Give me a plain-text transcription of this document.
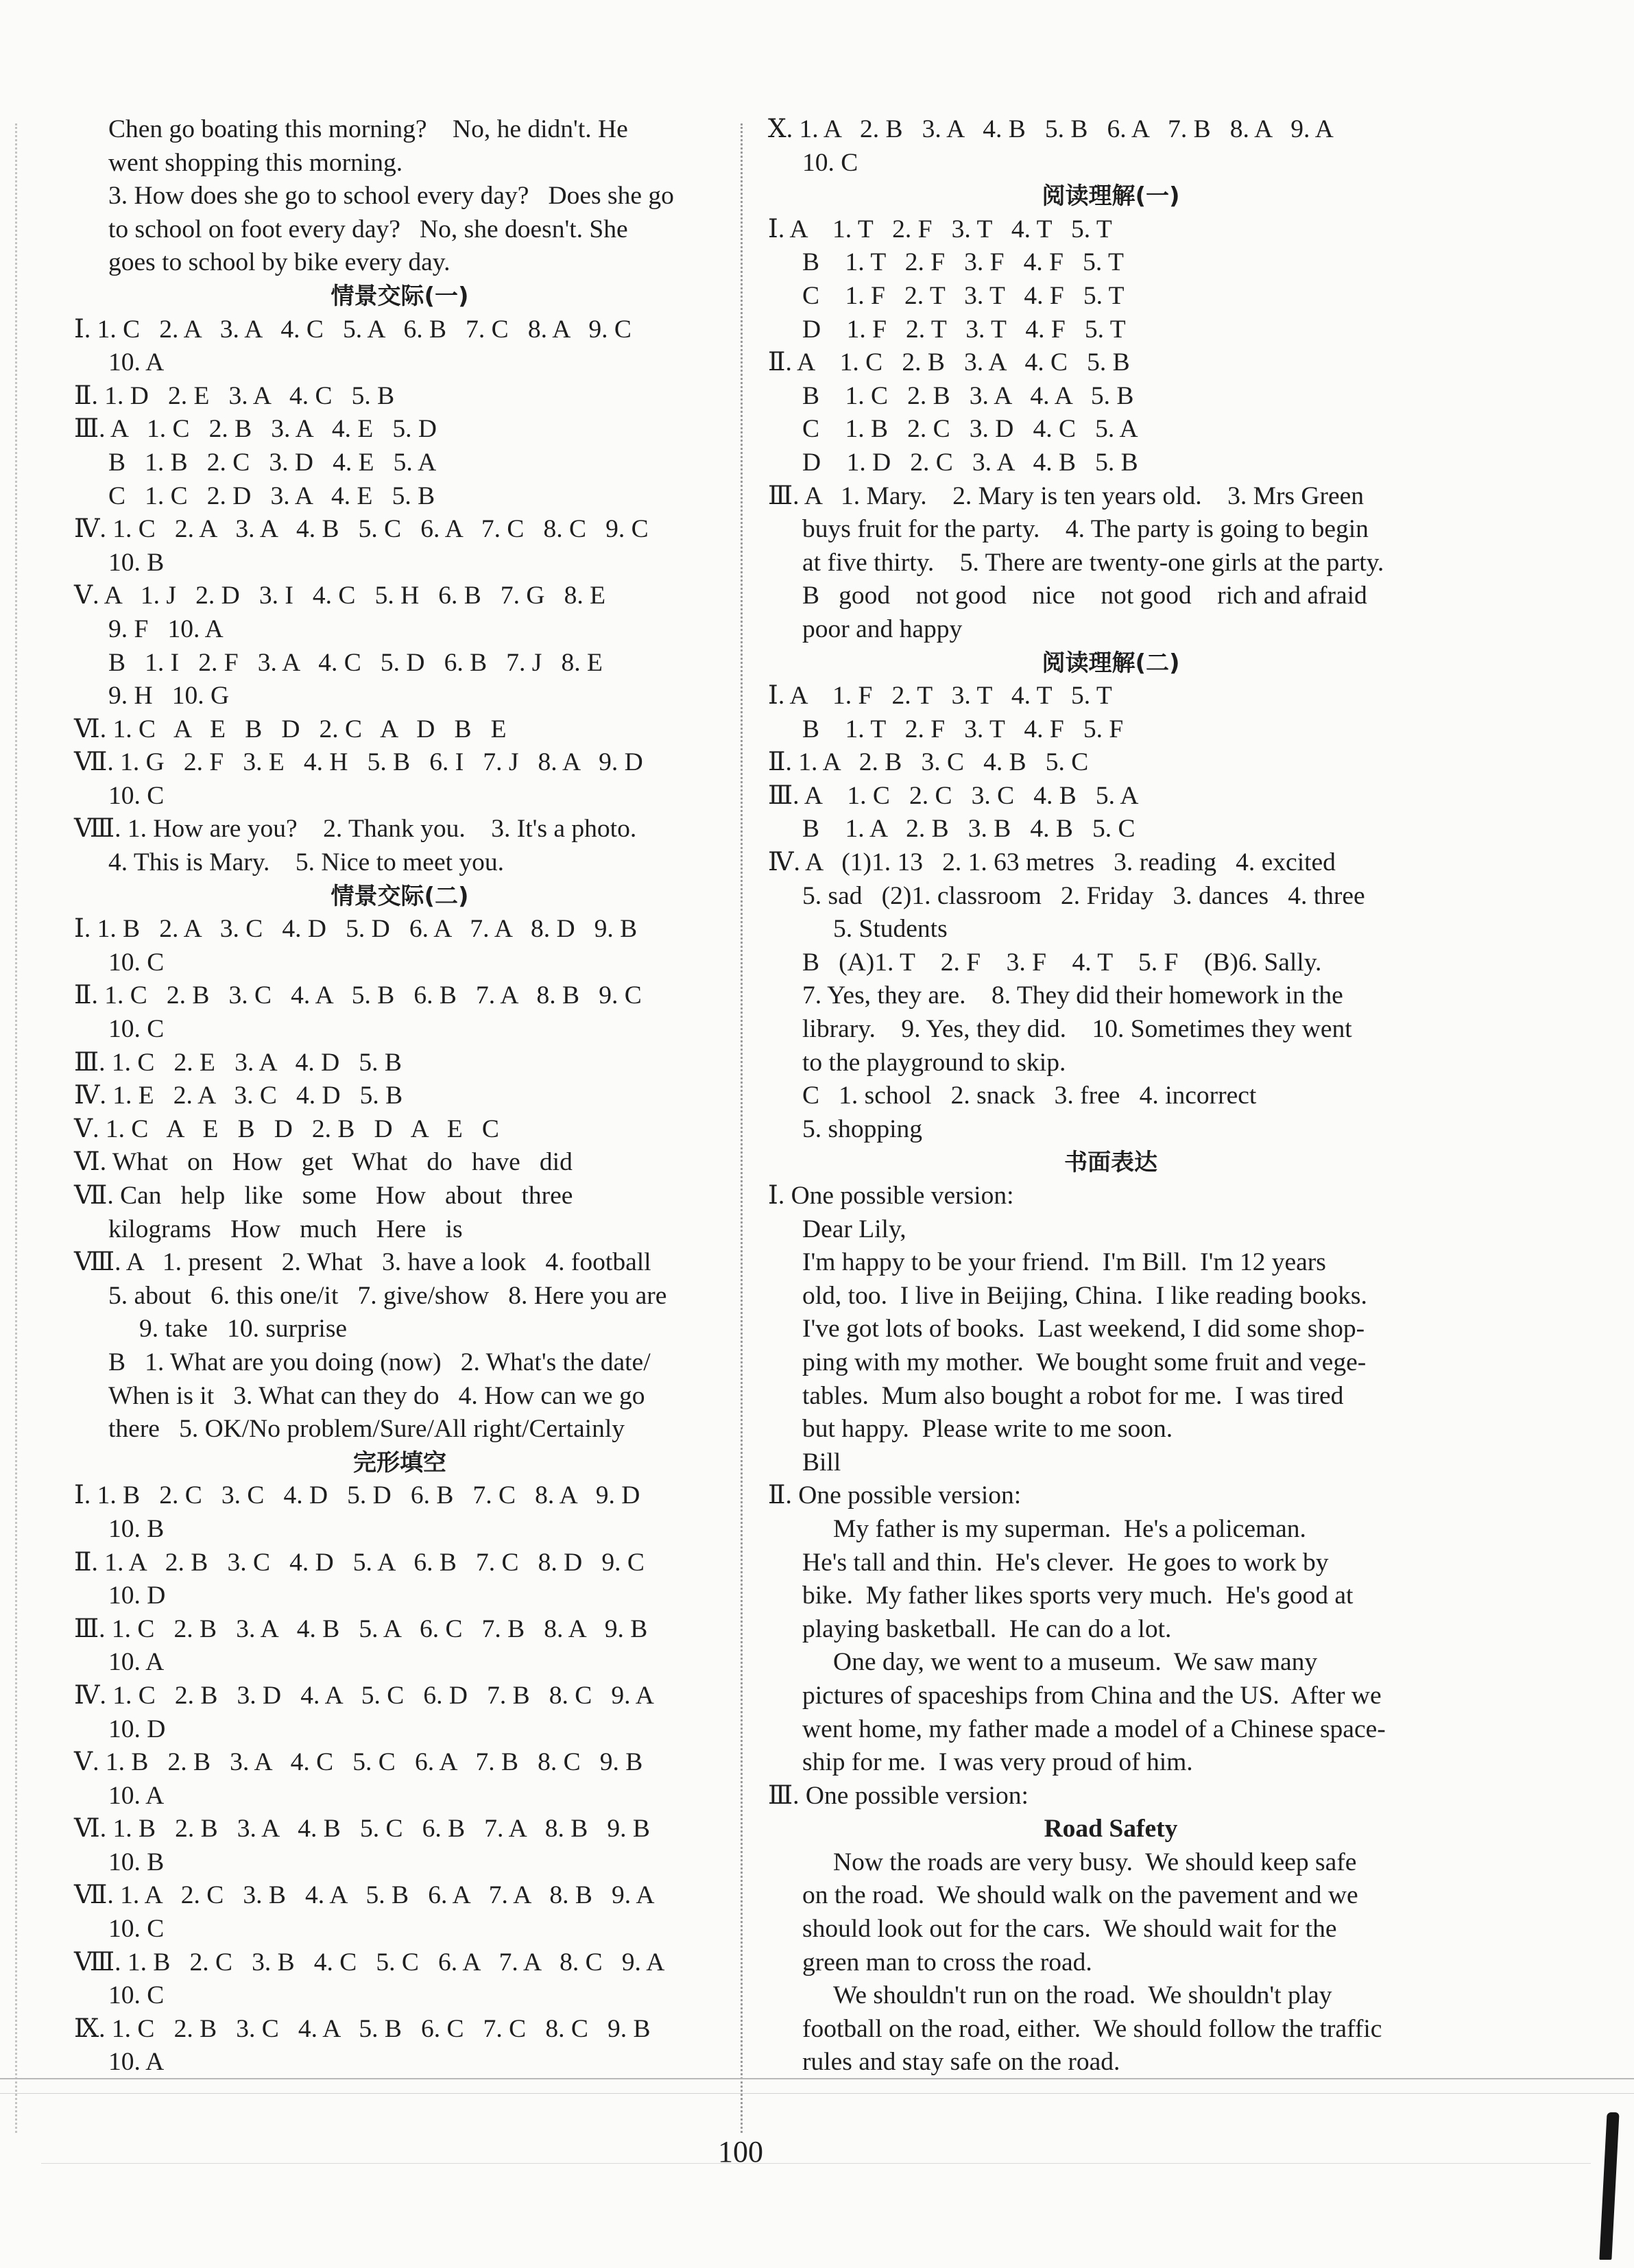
Chen go boating this morning?    No, he didn't. He
went shopping this morning.
3. How does she go to school every day?   Does she go
to school on foot every day?   No, she doesn't. She
goes to school by bike every day.
情景交际(一)
Ⅰ. 1. C   2. A   3. A   4. C   5. A   6. B   7. C   8. A   9. C
10. A
Ⅱ. 1. D   2. E   3. A   4. C   5. B
Ⅲ. A   1. C   2. B   3. A   4. E   5. D
B   1. B   2. C   3. D   4. E   5. A
C   1. C   2. D   3. A   4. E   5. B
Ⅳ. 1. C   2. A   3. A   4. B   5. C   6. A   7. C   8. C   9. C
10. B
Ⅴ. A   1. J   2. D   3. I   4. C   5. H   6. B   7. G   8. E
9. F   10. A
B   1. I   2. F   3. A   4. C   5. D   6. B   7. J   8. E
9. H   10. G
Ⅵ. 1. C   A   E   B   D   2. C   A   D   B   E
Ⅶ. 1. G   2. F   3. E   4. H   5. B   6. I   7. J   8. A   9. D
10. C
Ⅷ. 1. How are you?    2. Thank you.    3. It's a photo.
4. This is Mary.    5. Nice to meet you.
情景交际(二)
Ⅰ. 1. B   2. A   3. C   4. D   5. D   6. A   7. A   8. D   9. B
10. C
Ⅱ. 1. C   2. B   3. C   4. A   5. B   6. B   7. A   8. B   9. C
10. C
Ⅲ. 1. C   2. E   3. A   4. D   5. B
Ⅳ. 1. E   2. A   3. C   4. D   5. B
Ⅴ. 1. C   A   E   B   D   2. B   D   A   E   C
Ⅵ. What   on   How   get   What   do   have   did
Ⅶ. Can   help   like   some   How   about   three
kilograms   How   much   Here   is
Ⅷ. A   1. present   2. What   3. have a look   4. football
5. about   6. this one/it   7. give/show   8. Here you are
9. take   10. surprise
B   1. What are you doing (now)   2. What's the date/
When is it   3. What can they do   4. How can we go
there   5. OK/No problem/Sure/All right/Certainly
完形填空
Ⅰ. 1. B   2. C   3. C   4. D   5. D   6. B   7. C   8. A   9. D
10. B
Ⅱ. 1. A   2. B   3. C   4. D   5. A   6. B   7. C   8. D   9. C
10. D
Ⅲ. 1. C   2. B   3. A   4. B   5. A   6. C   7. B   8. A   9. B
10. A
Ⅳ. 1. C   2. B   3. D   4. A   5. C   6. D   7. B   8. C   9. A
10. D
Ⅴ. 1. B   2. B   3. A   4. C   5. C   6. A   7. B   8. C   9. B
10. A
Ⅵ. 1. B   2. B   3. A   4. B   5. C   6. B   7. A   8. B   9. B
10. B
Ⅶ. 1. A   2. C   3. B   4. A   5. B   6. A   7. A   8. B   9. A
10. C
Ⅷ. 1. B   2. C   3. B   4. C   5. C   6. A   7. A   8. C   9. A
10. C
Ⅸ. 1. C   2. B   3. C   4. A   5. B   6. C   7. C   8. C   9. B
10. A
Ⅹ. 1. A   2. B   3. A   4. B   5. B   6. A   7. B   8. A   9. A
10. C
阅读理解(一)
Ⅰ. A    1. T   2. F   3. T   4. T   5. T
B    1. T   2. F   3. F   4. F   5. T
C    1. F   2. T   3. T   4. F   5. T
D    1. F   2. T   3. T   4. F   5. T
Ⅱ. A    1. C   2. B   3. A   4. C   5. B
B    1. C   2. B   3. A   4. A   5. B
C    1. B   2. C   3. D   4. C   5. A
D    1. D   2. C   3. A   4. B   5. B
Ⅲ. A   1. Mary.    2. Mary is ten years old.    3. Mrs Green
buys fruit for the party.    4. The party is going to begin
at five thirty.    5. There are twenty-one girls at the party.
B   good    not good    nice    not good    rich and afraid
poor and happy
阅读理解(二)
Ⅰ. A    1. F   2. T   3. T   4. T   5. T
B    1. T   2. F   3. T   4. F   5. F
Ⅱ. 1. A   2. B   3. C   4. B   5. C
Ⅲ. A    1. C   2. C   3. C   4. B   5. A
B    1. A   2. B   3. B   4. B   5. C
Ⅳ. A   (1)1. 13   2. 1. 63 metres   3. reading   4. excited
5. sad   (2)1. classroom   2. Friday   3. dances   4. three
5. Students
B   (A)1. T    2. F    3. F    4. T    5. F    (B)6. Sally.
7. Yes, they are.    8. They did their homework in the
library.    9. Yes, they did.    10. Sometimes they went
to the playground to skip.
C   1. school   2. snack   3. free   4. incorrect
5. shopping
书面表达
Ⅰ. One possible version:
Dear Lily,
I'm happy to be your friend.  I'm Bill.  I'm 12 years
old, too.  I live in Beijing, China.  I like reading books.
I've got lots of books.  Last weekend, I did some shop-
ping with my mother.  We bought some fruit and vege-
tables.  Mum also bought a robot for me.  I was tired
but happy.  Please write to me soon.
Bill
Ⅱ. One possible version:
My father is my superman.  He's a policeman.
He's tall and thin.  He's clever.  He goes to work by
bike.  My father likes sports very much.  He's good at
playing basketball.  He can do a lot.
One day, we went to a museum.  We saw many
pictures of spaceships from China and the US.  After we
went home, my father made a model of a Chinese space-
ship for me.  I was very proud of him.
Ⅲ. One possible version:
Road Safety
Now the roads are very busy.  We should keep safe
on the road.  We should walk on the pavement and we
should look out for the cars.  We should wait for the
green man to cross the road.
We shouldn't run on the road.  We shouldn't play
football on the road, either.  We should follow the traffic
rules and stay safe on the road.
100
